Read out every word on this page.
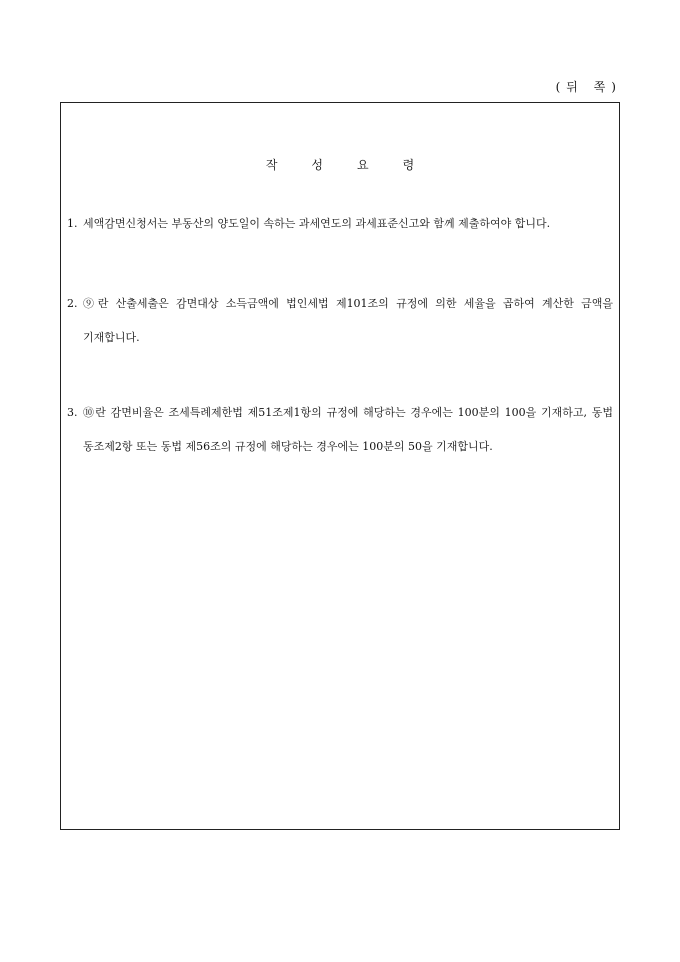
(뒤 쪽)
작성요령
1. 세액감면신청서는 부동산의 양도일이 속하는 과세연도의 과세표준신고와 함께 제출하여야 합니다.
2. ⑨란 산출세출은 감면대상 소득금액에 법인세법 제101조의 규정에 의한 세율을 곱하여 계산한 금액을 기재합니다.
3. ⑩란 감면비율은 조세특례제한법 제51조제1항의 규정에 해당하는 경우에는 100분의 100을 기재하고, 동법 동조제2항 또는 동법 제56조의 규정에 해당하는 경우에는 100분의 50을 기재합니다.
